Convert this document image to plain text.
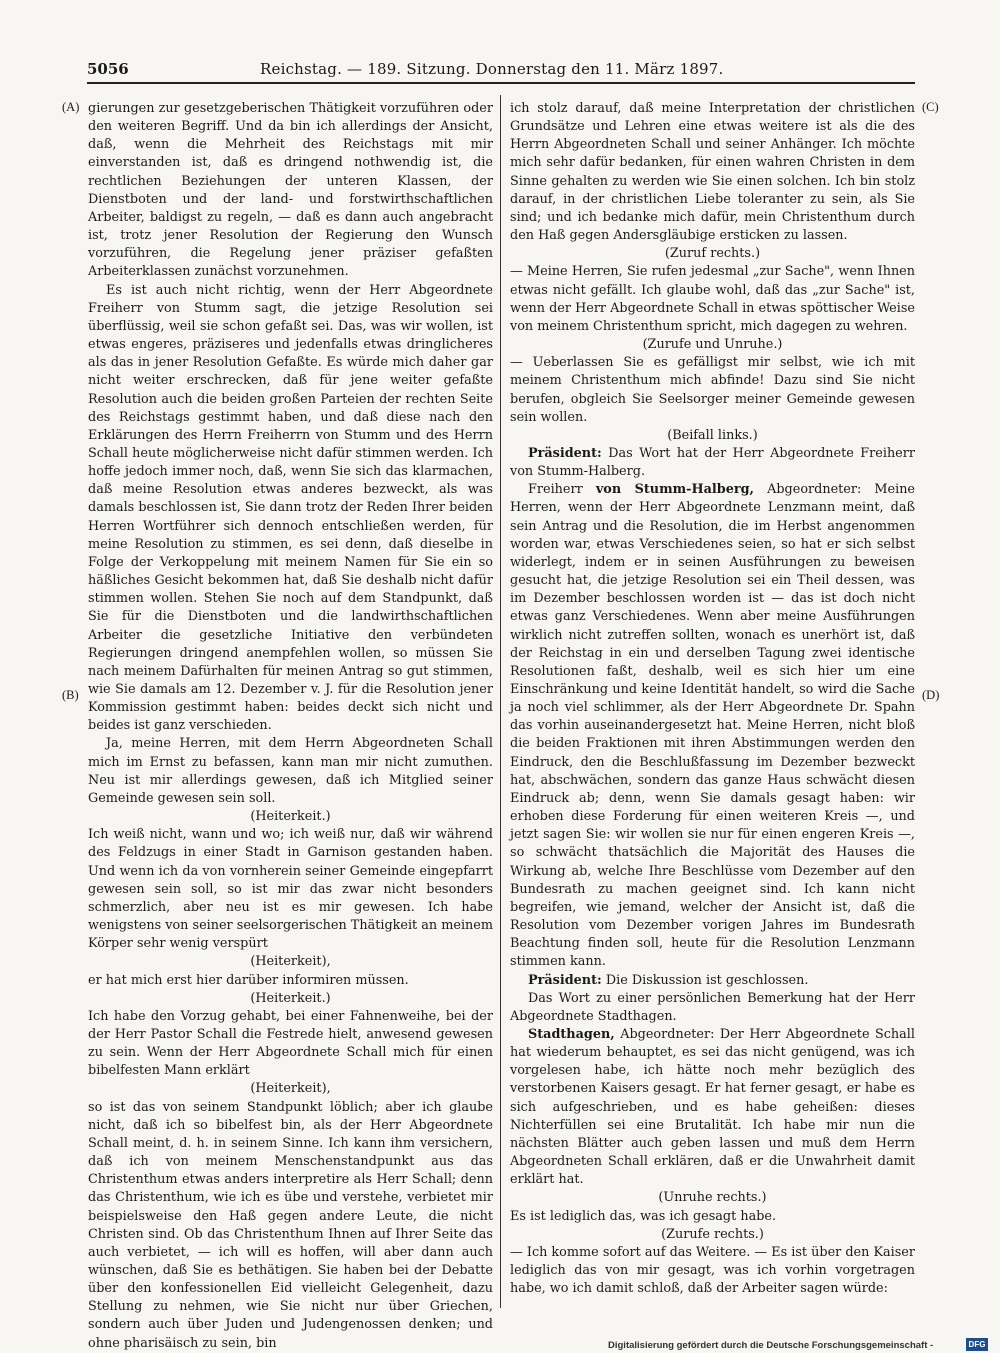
5056	Reichstag. — 189. Sitzung. Donnerstag den 11. März 1897.
(A)
(B)
(C)
(D)

gierungen zur gesetzgeberischen Thätigkeit vorzuführen oder den weiteren Begriff. Und da bin ich allerdings der Ansicht, daß, wenn die Mehrheit des Reichstags mit mir einverstanden ist, daß es dringend nothwendig ist, die rechtlichen Beziehungen der unteren Klassen, der Dienstboten und der land- und forstwirthschaftlichen Arbeiter, baldigst zu regeln, — daß es dann auch angebracht ist, trotz jener Resolution der Regierung den Wunsch vorzuführen, die Regelung jener präziser gefaßten Arbeiterklassen zunächst vorzunehmen.

Es ist auch nicht richtig, wenn der Herr Abgeordnete Freiherr von Stumm sagt, die jetzige Resolution sei überflüssig, weil sie schon gefaßt sei. Das, was wir wollen, ist etwas engeres, präziseres und jedenfalls etwas dringlicheres als das in jener Resolution Gefaßte. Es würde mich daher gar nicht weiter erschrecken, daß für jene weiter gefaßte Resolution auch die beiden großen Parteien der rechten Seite des Reichstags gestimmt haben, und daß diese nach den Erklärungen des Herrn Freiherrn von Stumm und des Herrn Schall heute möglicherweise nicht dafür stimmen werden. Ich hoffe jedoch immer noch, daß, wenn Sie sich das klarmachen, daß meine Resolution etwas anderes bezweckt, als was damals beschlossen ist, Sie dann trotz der Reden Ihrer beiden Herren Wortführer sich dennoch entschließen werden, für meine Resolution zu stimmen, es sei denn, daß dieselbe in Folge der Verkoppelung mit meinem Namen für Sie ein so häßliches Gesicht bekommen hat, daß Sie deshalb nicht dafür stimmen wollen. Stehen Sie noch auf dem Standpunkt, daß Sie für die Dienstboten und die landwirthschaftlichen Arbeiter die gesetzliche Initiative den verbündeten Regierungen dringend anempfehlen wollen, so müssen Sie nach meinem Dafürhalten für meinen Antrag so gut stimmen, wie Sie damals am 12. Dezember v. J. für die Resolution jener Kommission gestimmt haben: beides deckt sich nicht und beides ist ganz verschieden.

Ja, meine Herren, mit dem Herrn Abgeordneten Schall mich im Ernst zu befassen, kann man mir nicht zumuthen. Neu ist mir allerdings gewesen, daß ich Mitglied seiner Gemeinde gewesen sein soll.

(Heiterkeit.)

Ich weiß nicht, wann und wo; ich weiß nur, daß wir während des Feldzugs in einer Stadt in Garnison gestanden haben. Und wenn ich da von vornherein seiner Gemeinde eingepfarrt gewesen sein soll, so ist mir das zwar nicht besonders schmerzlich, aber neu ist es mir gewesen. Ich habe wenigstens von seiner seelsorgerischen Thätigkeit an meinem Körper sehr wenig verspürt

(Heiterkeit),

er hat mich erst hier darüber informiren müssen.

(Heiterkeit.)

Ich habe den Vorzug gehabt, bei einer Fahnenweihe, bei der der Herr Pastor Schall die Festrede hielt, anwesend gewesen zu sein. Wenn der Herr Abgeordnete Schall mich für einen bibelfesten Mann erklärt

(Heiterkeit),

so ist das von seinem Standpunkt löblich; aber ich glaube nicht, daß ich so bibelfest bin, als der Herr Abgeordnete Schall meint, d. h. in seinem Sinne. Ich kann ihm versichern, daß ich von meinem Menschenstandpunkt aus das Christenthum etwas anders interpretire als Herr Schall; denn das Christenthum, wie ich es übe und verstehe, verbietet mir beispielsweise den Haß gegen andere Leute, die nicht Christen sind. Ob das Christenthum Ihnen auf Ihrer Seite das auch verbietet, — ich will es hoffen, will aber dann auch wünschen, daß Sie es bethätigen. Sie haben bei der Debatte über den konfessionellen Eid vielleicht Gelegenheit, dazu Stellung zu nehmen, wie Sie nicht nur über Griechen, sondern auch über Juden und Judengenossen denken; und ohne pharisäisch zu sein, bin

ich stolz darauf, daß meine Interpretation der christlichen Grundsätze und Lehren eine etwas weitere ist als die des Herrn Abgeordneten Schall und seiner Anhänger. Ich möchte mich sehr dafür bedanken, für einen wahren Christen in dem Sinne gehalten zu werden wie Sie einen solchen. Ich bin stolz darauf, in der christlichen Liebe toleranter zu sein, als Sie sind; und ich bedanke mich dafür, mein Christenthum durch den Haß gegen Andersgläubige ersticken zu lassen.

(Zuruf rechts.)

— Meine Herren, Sie rufen jedesmal „zur Sache", wenn Ihnen etwas nicht gefällt. Ich glaube wohl, daß das „zur Sache" ist, wenn der Herr Abgeordnete Schall in etwas spöttischer Weise von meinem Christenthum spricht, mich dagegen zu wehren.

(Zurufe und Unruhe.)

— Ueberlassen Sie es gefälligst mir selbst, wie ich mit meinem Christenthum mich abfinde! Dazu sind Sie nicht berufen, obgleich Sie Seelsorger meiner Gemeinde gewesen sein wollen.

(Beifall links.)

Präsident: Das Wort hat der Herr Abgeordnete Freiherr von Stumm-Halberg.

Freiherr von Stumm-Halberg, Abgeordneter: Meine Herren, wenn der Herr Abgeordnete Lenzmann meint, daß sein Antrag und die Resolution, die im Herbst angenommen worden war, etwas Verschiedenes seien, so hat er sich selbst widerlegt, indem er in seinen Ausführungen zu beweisen gesucht hat, die jetzige Resolution sei ein Theil dessen, was im Dezember beschlossen worden ist — das ist doch nicht etwas ganz Verschiedenes. Wenn aber meine Ausführungen wirklich nicht zutreffen sollten, wonach es unerhört ist, daß der Reichstag in ein und derselben Tagung zwei identische Resolutionen faßt, deshalb, weil es sich hier um eine Einschränkung und keine Identität handelt, so wird die Sache ja noch viel schlimmer, als der Herr Abgeordnete Dr. Spahn das vorhin auseinandergesetzt hat. Meine Herren, nicht bloß die beiden Fraktionen mit ihren Abstimmungen werden den Eindruck, den die Beschlußfassung im Dezember bezweckt hat, abschwächen, sondern das ganze Haus schwächt diesen Eindruck ab; denn, wenn Sie damals gesagt haben: wir erhoben diese Forderung für einen weiteren Kreis —, und jetzt sagen Sie: wir wollen sie nur für einen engeren Kreis —, so schwächt thatsächlich die Majorität des Hauses die Wirkung ab, welche Ihre Beschlüsse vom Dezember auf den Bundesrath zu machen geeignet sind. Ich kann nicht begreifen, wie jemand, welcher der Ansicht ist, daß die Resolution vom Dezember vorigen Jahres im Bundesrath Beachtung finden soll, heute für die Resolution Lenzmann stimmen kann.

Präsident: Die Diskussion ist geschlossen.

Das Wort zu einer persönlichen Bemerkung hat der Herr Abgeordnete Stadthagen.

Stadthagen, Abgeordneter: Der Herr Abgeordnete Schall hat wiederum behauptet, es sei das nicht genügend, was ich vorgelesen habe, ich hätte noch mehr bezüglich des verstorbenen Kaisers gesagt. Er hat ferner gesagt, er habe es sich aufgeschrieben, und es habe geheißen: dieses Nichterfüllen sei eine Brutalität. Ich habe mir nun die nächsten Blätter auch geben lassen und muß dem Herrn Abgeordneten Schall erklären, daß er die Unwahrheit damit erklärt hat.

(Unruhe rechts.)

Es ist lediglich das, was ich gesagt habe.

(Zurufe rechts.)

— Ich komme sofort auf das Weitere. — Es ist über den Kaiser lediglich das von mir gesagt, was ich vorhin vorgetragen habe, wo ich damit schloß, daß der Arbeiter sagen würde:

Digitalisierung gefördert durch die Deutsche Forschungsgemeinschaft -	DFG
